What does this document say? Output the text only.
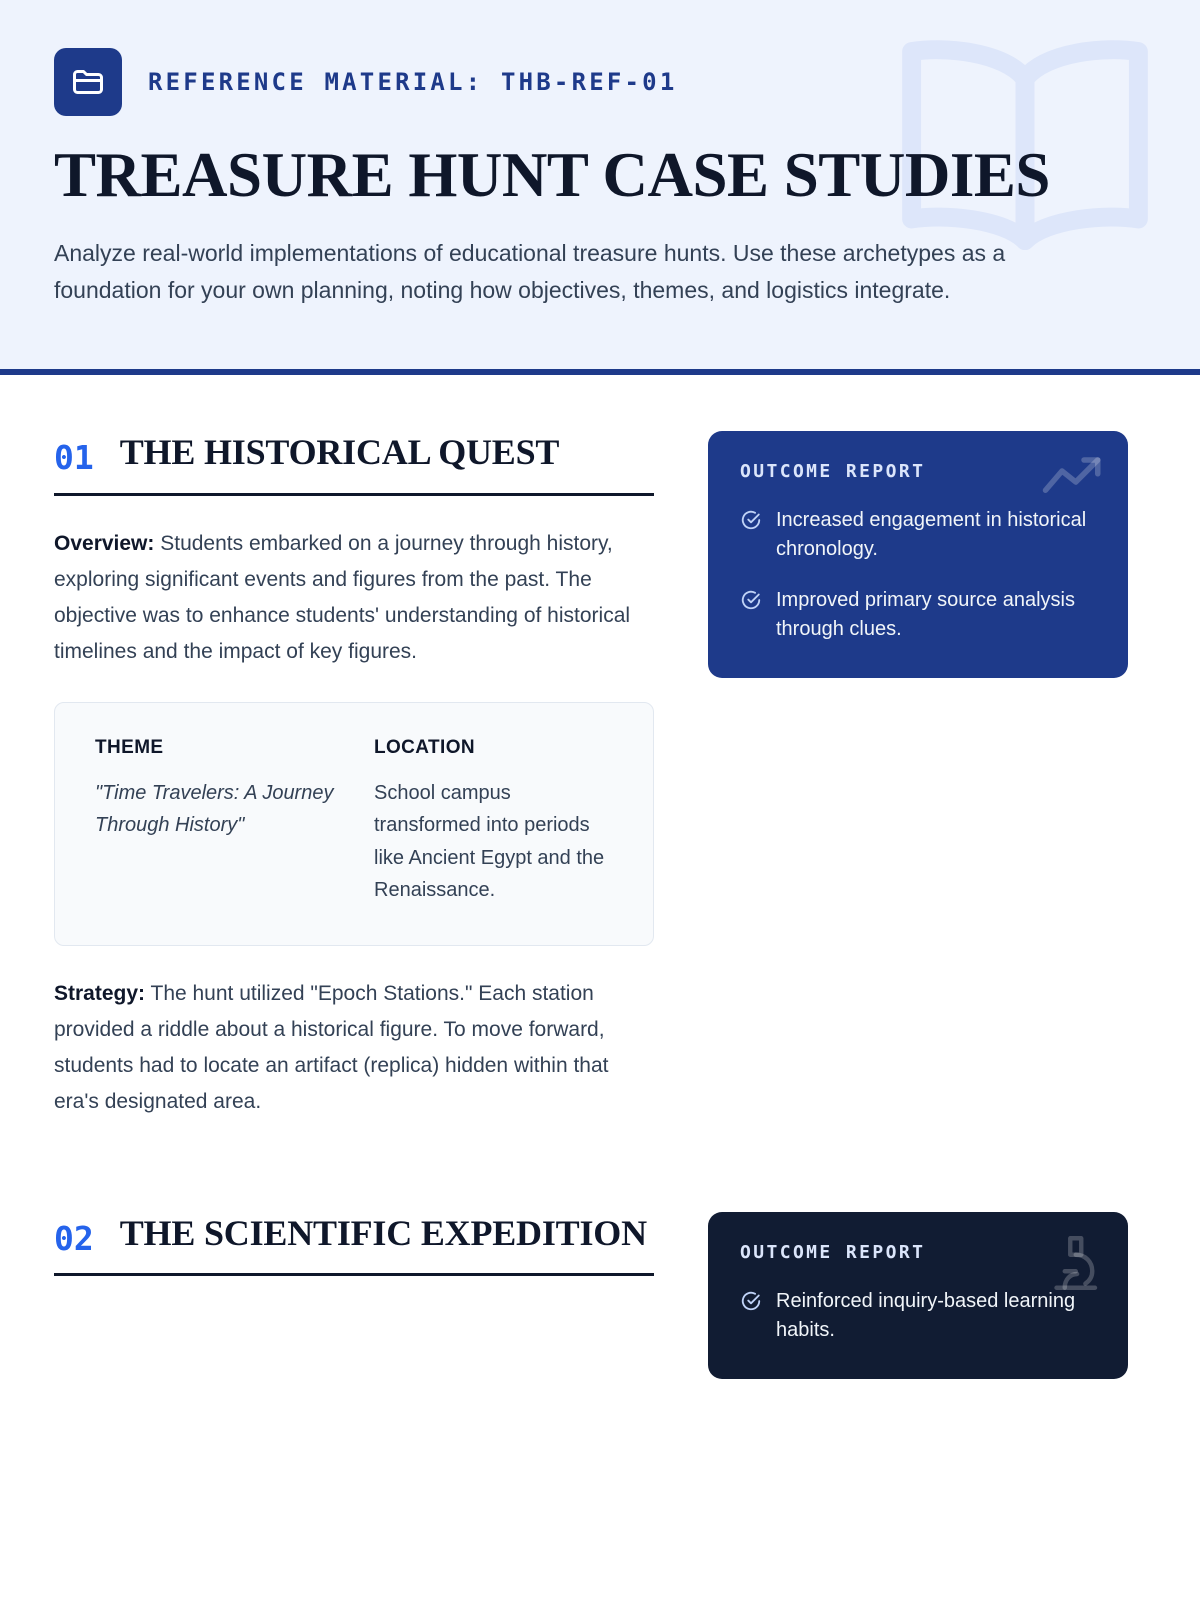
REFERENCE MATERIAL: THB-REF-01
TREASURE HUNT CASE STUDIES

Analyze real-world implementations of educational treasure hunts. Use these archetypes as a foundation for your own planning, noting how objectives, themes, and logistics integrate.

01 THE HISTORICAL QUEST

Overview: Students embarked on a journey through history, exploring significant events and figures from the past. The objective was to enhance students' understanding of historical timelines and the impact of key figures.

THEME
"Time Travelers: A Journey Through History"
LOCATION
School campus transformed into periods like Ancient Egypt and the Renaissance.

Strategy: The hunt utilized "Epoch Stations." Each station provided a riddle about a historical figure. To move forward, students had to locate an artifact (replica) hidden within that era's designated area.

OUTCOME REPORT
Increased engagement in historical chronology.
Improved primary source analysis through clues.
02 THE SCIENTIFIC EXPEDITION	OUTCOME REPORT
Reinforced inquiry-based learning habits.
